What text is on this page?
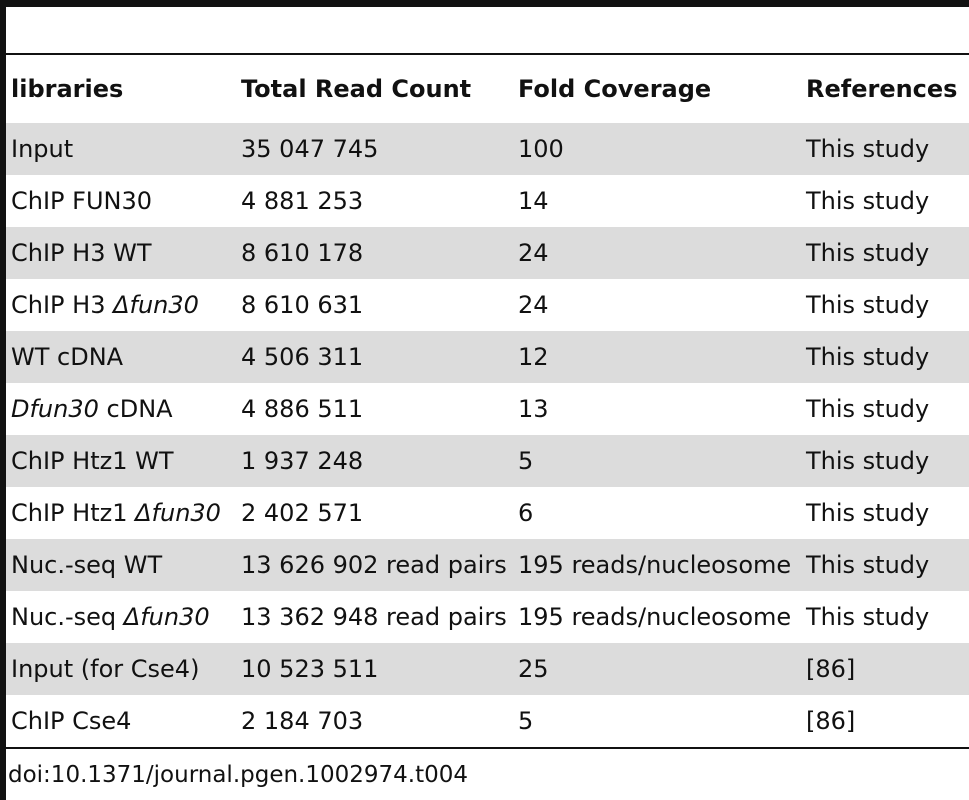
libraries	Total Read Count	Fold Coverage	References
Input	35 047 745	100	This study
ChIP FUN30	4 881 253	14	This study
ChIP H3 WT	8 610 178	24	This study
ChIP H3 Δfun30	8 610 631	24	This study
WT cDNA	4 506 311	12	This study
Dfun30 cDNA	4 886 511	13	This study
ChIP Htz1 WT	1 937 248	5	This study
ChIP Htz1 Δfun30	2 402 571	6	This study
Nuc.-seq WT	13 626 902 read pairs	195 reads/nucleosome	This study
Nuc.-seq Δfun30	13 362 948 read pairs	195 reads/nucleosome	This study
Input (for Cse4)	10 523 511	25	[86]
ChIP Cse4	2 184 703	5	[86]
doi:10.1371/journal.pgen.1002974.t004
